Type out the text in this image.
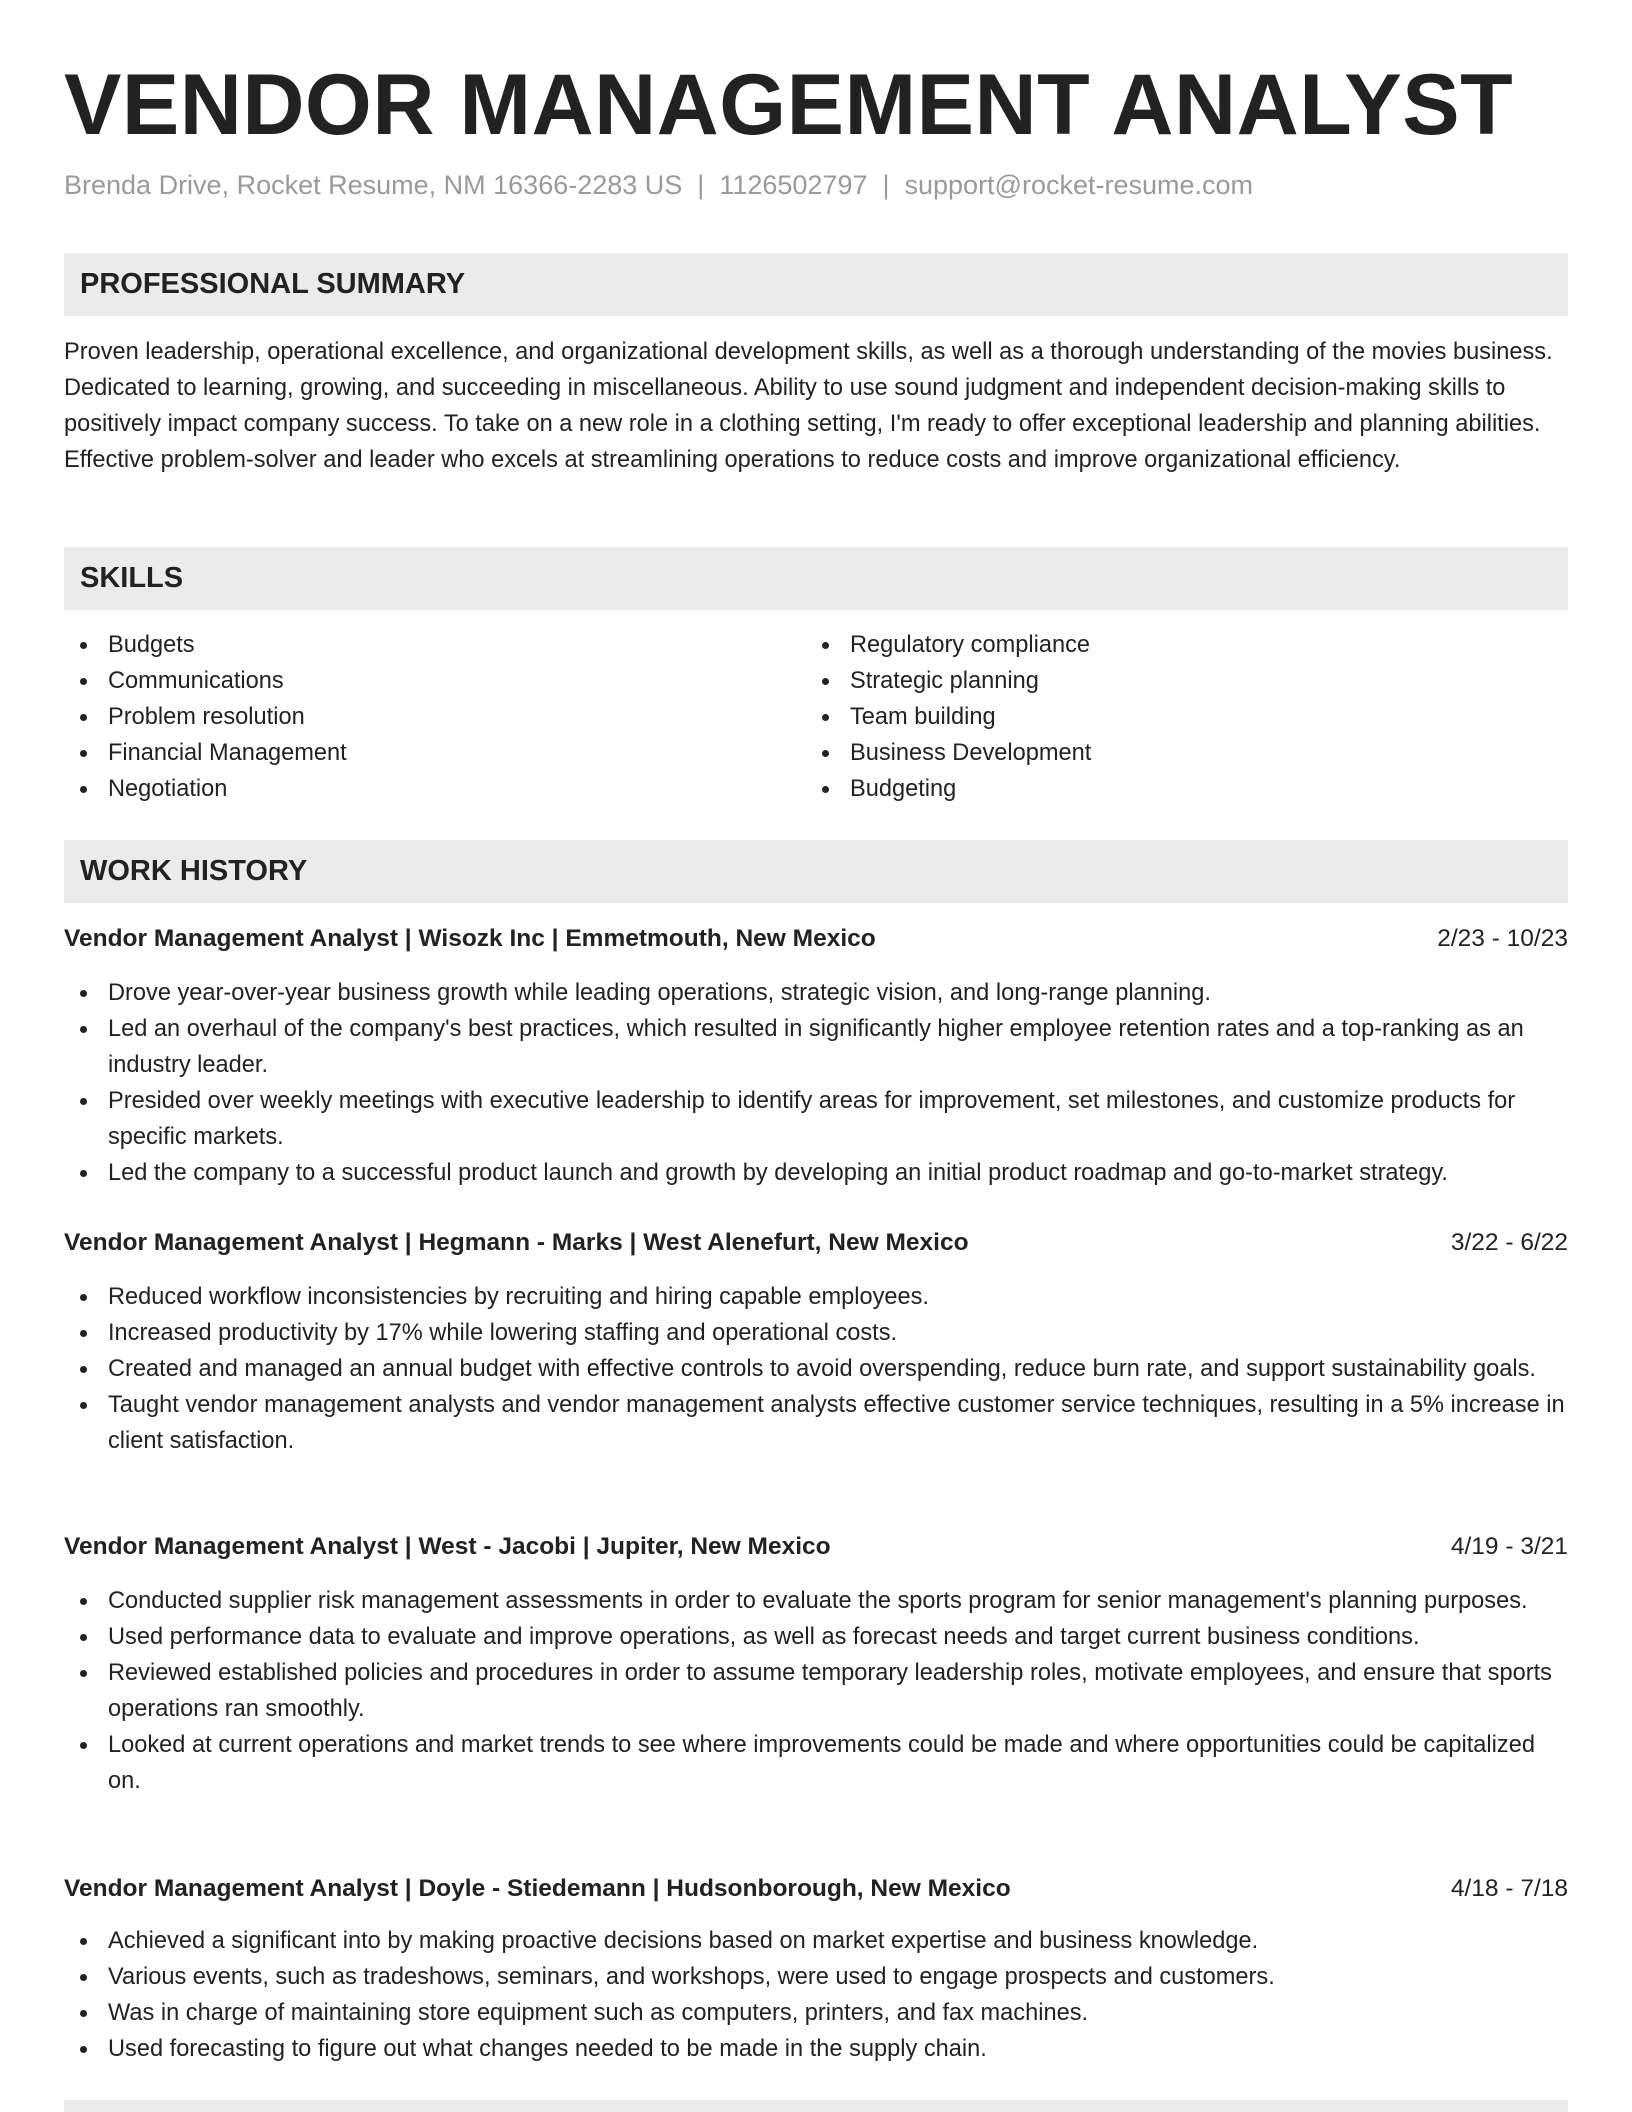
VENDOR MANAGEMENT ANALYST
Brenda Drive, Rocket Resume, NM 16366-2283 US | 1126502797 | support@rocket-resume.com
PROFESSIONAL SUMMARY

Proven leadership, operational excellence, and organizational development skills, as well as a thorough understanding of the movies business. Dedicated to learning, growing, and succeeding in miscellaneous. Ability to use sound judgment and independent decision-making skills to positively impact company success. To take on a new role in a clothing setting, I'm ready to offer exceptional leadership and planning abilities. Effective problem-solver and leader who excels at streamlining operations to reduce costs and improve organizational efficiency.

SKILLS
Budgets
Communications
Problem resolution
Financial Management
Negotiation
Regulatory compliance
Strategic planning
Team building
Business Development
Budgeting
WORK HISTORY
Vendor Management Analyst | Wisozk Inc | Emmetmouth, New Mexico	2/23 - 10/23
Drove year-over-year business growth while leading operations, strategic vision, and long-range planning.
Led an overhaul of the company's best practices, which resulted in significantly higher employee retention rates and a top-ranking as an industry leader.
Presided over weekly meetings with executive leadership to identify areas for improvement, set milestones, and customize products for specific markets.
Led the company to a successful product launch and growth by developing an initial product roadmap and go-to-market strategy.
Vendor Management Analyst | Hegmann - Marks | West Alenefurt, New Mexico	3/22 - 6/22
Reduced workflow inconsistencies by recruiting and hiring capable employees.
Increased productivity by 17% while lowering staffing and operational costs.
Created and managed an annual budget with effective controls to avoid overspending, reduce burn rate, and support sustainability goals.
Taught vendor management analysts and vendor management analysts effective customer service techniques, resulting in a 5% increase in client satisfaction.
Vendor Management Analyst | West - Jacobi | Jupiter, New Mexico	4/19 - 3/21
Conducted supplier risk management assessments in order to evaluate the sports program for senior management's planning purposes.
Used performance data to evaluate and improve operations, as well as forecast needs and target current business conditions.
Reviewed established policies and procedures in order to assume temporary leadership roles, motivate employees, and ensure that sports operations ran smoothly.
Looked at current operations and market trends to see where improvements could be made and where opportunities could be capitalized on.
Vendor Management Analyst | Doyle - Stiedemann | Hudsonborough, New Mexico	4/18 - 7/18
Achieved a significant into by making proactive decisions based on market expertise and business knowledge.
Various events, such as tradeshows, seminars, and workshops, were used to engage prospects and customers.
Was in charge of maintaining store equipment such as computers, printers, and fax machines.
Used forecasting to figure out what changes needed to be made in the supply chain.
